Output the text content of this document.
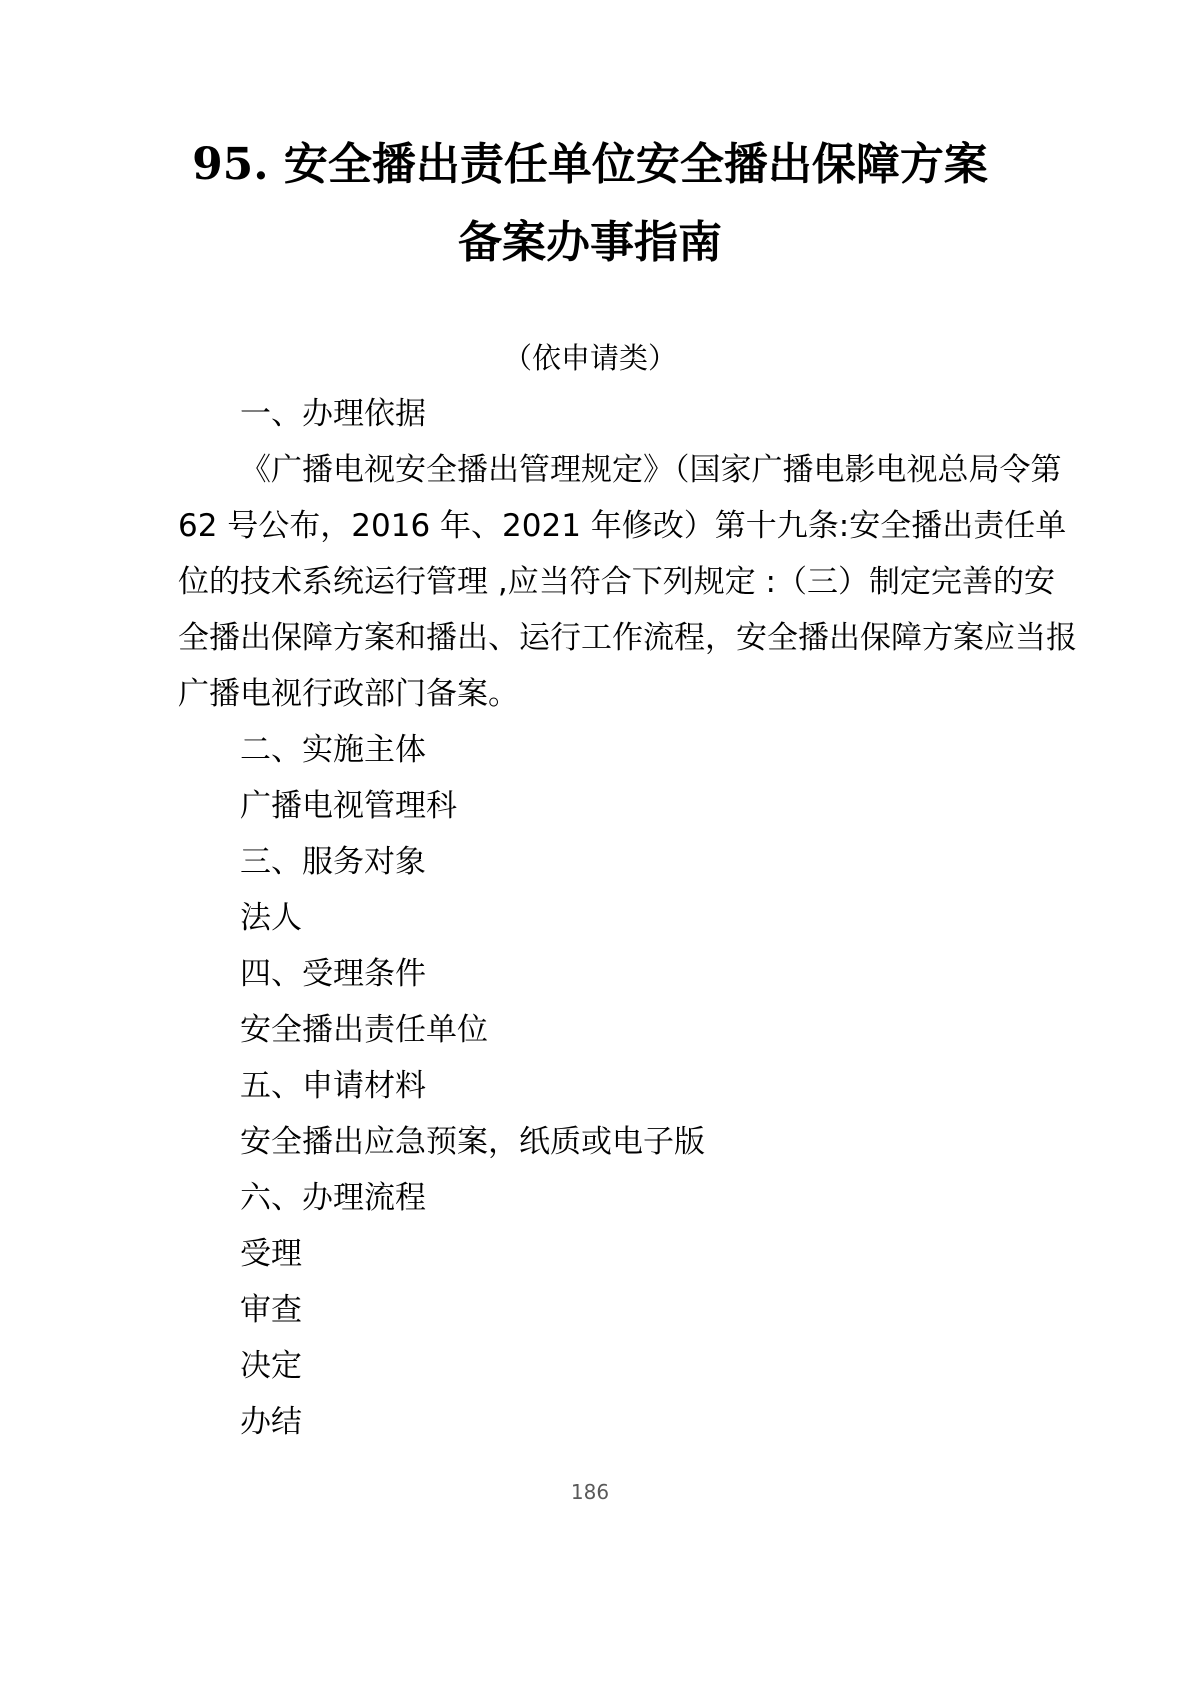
95. 安全播出责任单位安全播出保障方案备案办事指南
（依申请类）
一、办理依据
《广播电视安全播出管理规定》（国家广播电影电视总局令第 62 号公布，2016 年、2021 年修改）第十九条:安全播出责任单位的技术系统运行管理 ,应当符合下列规定 :（三）制定完善的安全播出保障方案和播出、运行工作流程，安全播出保障方案应当报广播电视行政部门备案。
二、实施主体
广播电视管理科
三、服务对象
法人
四、受理条件
安全播出责任单位
五、申请材料
安全播出应急预案，纸质或电子版
六、办理流程
受理
审查
决定
办结
186
